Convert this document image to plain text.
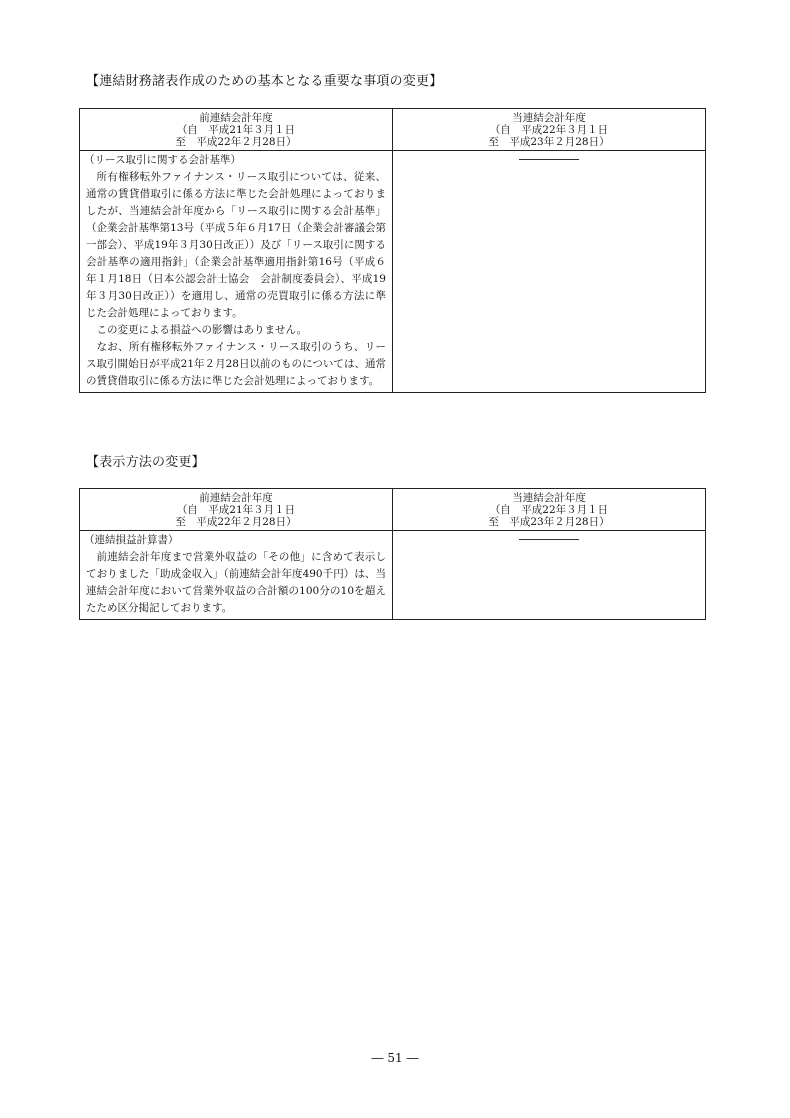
【連結財務諸表作成のための基本となる重要な事項の変更】
前連結会計年度
（自　平成21年３月１日
至　平成22年２月28日）	当連結会計年度
（自　平成22年３月１日
至　平成23年２月28日）

（リース取引に関する会計基準）
所有権移転外ファイナンス・リース取引については、従来、通常の賃貸借取引に係る方法に準じた会計処理によっておりましたが、当連結会計年度から「リース取引に関する会計基準」（企業会計基準第13号（平成５年６月17日（企業会計審議会第一部会）、平成19年３月30日改正））及び「リース取引に関する会計基準の適用指針」（企業会計基準適用指針第16号（平成６年１月18日（日本公認会計士協会　会計制度委員会）、平成19年３月30日改正））を適用し、通常の売買取引に係る方法に準じた会計処理によっております。
この変更による損益への影響はありません。
なお、所有権移転外ファイナンス・リース取引のうち、リース取引開始日が平成21年２月28日以前のものについては、通常の賃貸借取引に係る方法に準じた会計処理によっております。	

【表示方法の変更】
前連結会計年度
（自　平成21年３月１日
至　平成22年２月28日）	当連結会計年度
（自　平成22年３月１日
至　平成23年２月28日）

（連結損益計算書）
前連結会計年度まで営業外収益の「その他」に含めて表示しておりました「助成金収入」（前連結会計年度490千円）は、当連結会計年度において営業外収益の合計額の100分の10を超えたため区分掲記しております。	

― 51 ―
